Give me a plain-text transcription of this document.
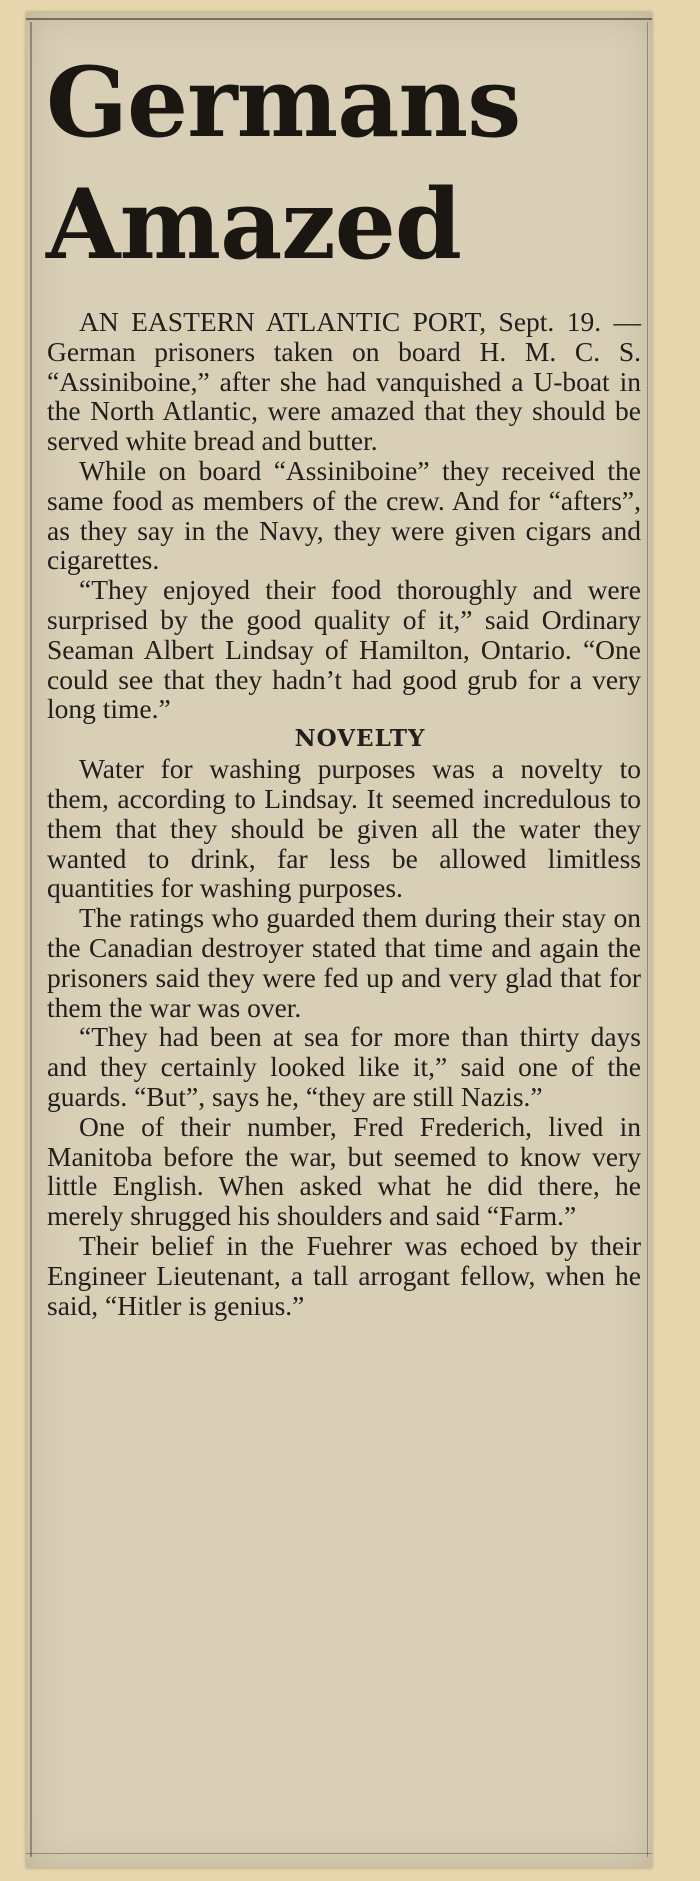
Germans
Amazed

AN EASTERN ATLANTIC PORT, Sept. 19. — German prisoners taken on board H. M. C. S. “Assiniboine,” after she had vanquished a U-boat in the North Atlantic, were amazed that they should be served white bread and butter.

While on board “Assiniboine” they received the same food as members of the crew. And for “afters”, as they say in the Navy, they were given cigars and cigarettes.

“They enjoyed their food thoroughly and were surprised by the good quality of it,” said Ordinary Seaman Albert Lindsay of Hamilton, Ontario. “One could see that they hadn’t had good grub for a very long time.”

NOVELTY

Water for washing purposes was a novelty to them, according to Lindsay. It seemed incredulous to them that they should be given all the water they wanted to drink, far less be allowed limitless quantities for washing purposes.

The ratings who guarded them during their stay on the Canadian destroyer stated that time and again the prisoners said they were fed up and very glad that for them the war was over.

“They had been at sea for more than thirty days and they certainly looked like it,” said one of the guards. “But”, says he, “they are still Nazis.”

One of their number, Fred Frederich, lived in Manitoba before the war, but seemed to know very little English. When asked what he did there, he merely shrugged his shoulders and said “Farm.”

Their belief in the Fuehrer was echoed by their Engineer Lieutenant, a tall arrogant fellow, when he said, “Hitler is genius.”
